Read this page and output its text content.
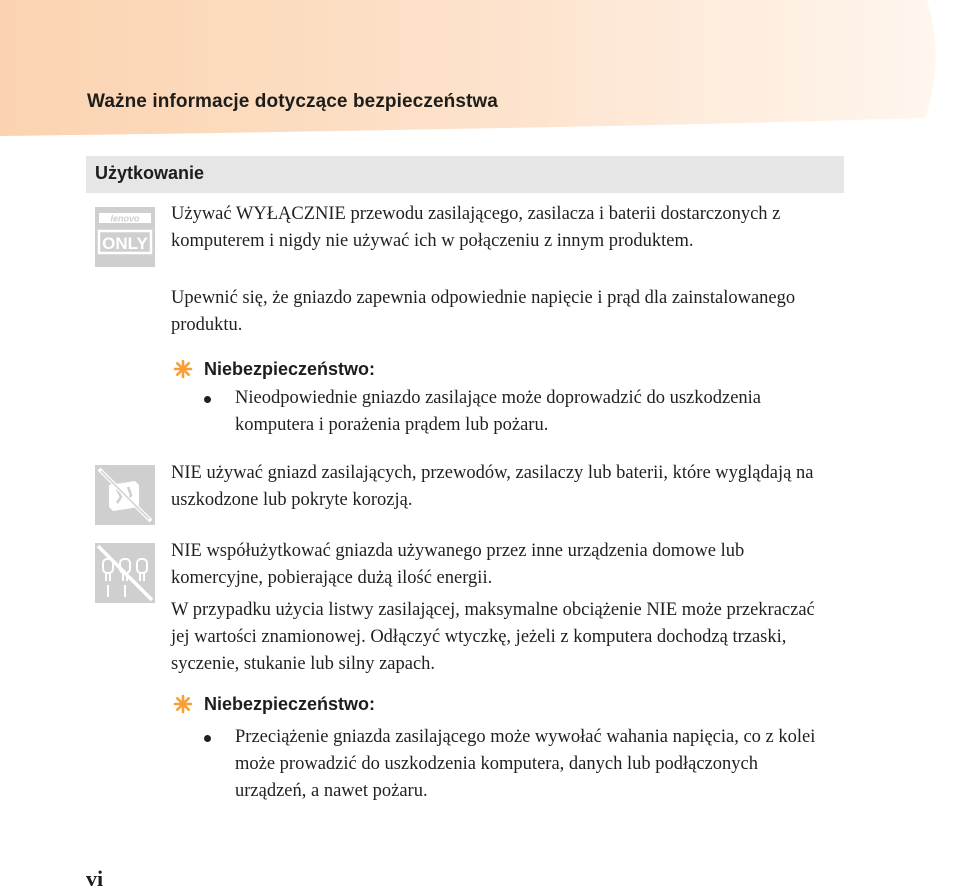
Ważne informacje dotyczące bezpieczeństwa
Użytkowanie
lenovo
ONLY
Używać WYŁĄCZNIE przewodu zasilającego, zasilacza i baterii dostarczonych z komputerem i nigdy nie używać ich w połączeniu z innym produktem.
Upewnić się, że gniazdo zapewnia odpowiednie napięcie i prąd dla zainstalowanego produktu.
Niebezpieczeństwo:
Nieodpowiednie gniazdo zasilające może doprowadzić do uszkodzenia komputera i porażenia prądem lub pożaru.
NIE używać gniazd zasilających, przewodów, zasilaczy lub baterii, które wyglądają na uszkodzone lub pokryte korozją.
NIE współużytkować gniazda używanego przez inne urządzenia domowe lub komercyjne, pobierające dużą ilość energii.
W przypadku użycia listwy zasilającej, maksymalne obciążenie NIE może przekraczać jej wartości znamionowej. Odłączyć wtyczkę, jeżeli z komputera dochodzą trzaski, syczenie, stukanie lub silny zapach.
Niebezpieczeństwo:
Przeciążenie gniazda zasilającego może wywołać wahania napięcia, co z kolei może prowadzić do uszkodzenia komputera, danych lub podłączonych urządzeń, a nawet pożaru.
vi
